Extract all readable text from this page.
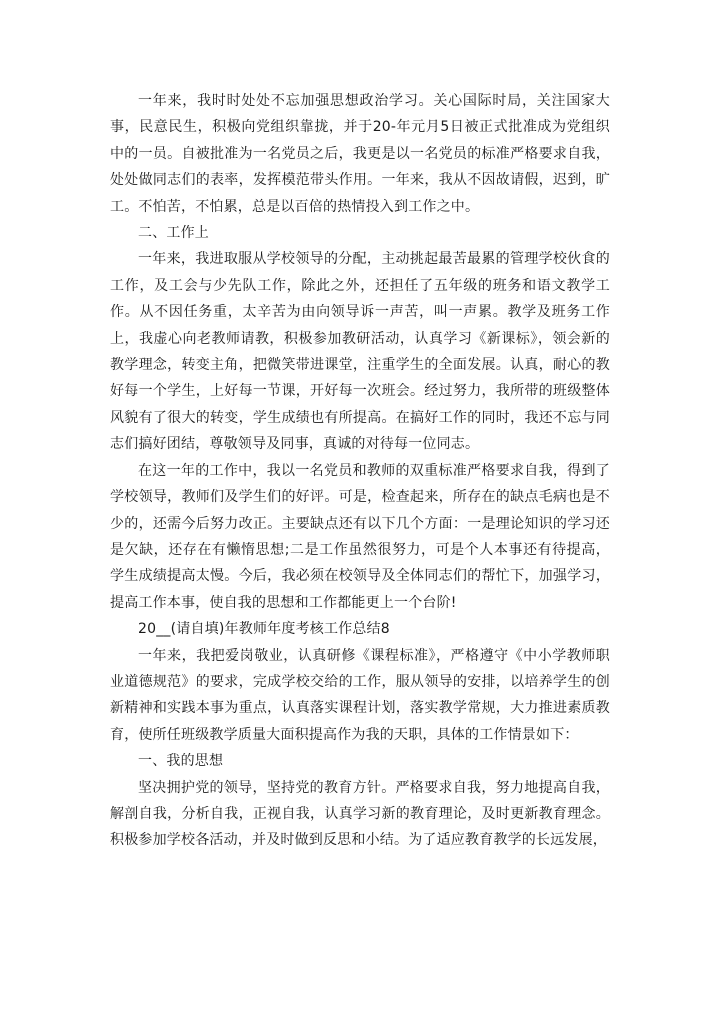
一年来，我时时处处不忘加强思想政治学习。关心国际时局，关注国家大事，民意民生，积极向党组织靠拢，并于20-年元月5日被正式批准成为党组织中的一员。自被批准为一名党员之后，我更是以一名党员的标准严格要求自我，处处做同志们的表率，发挥模范带头作用。一年来，我从不因故请假，迟到，旷工。不怕苦，不怕累，总是以百倍的热情投入到工作之中。

二、工作上

一年来，我进取服从学校领导的分配，主动挑起最苦最累的管理学校伙食的工作，及工会与少先队工作，除此之外，还担任了五年级的班务和语文教学工作。从不因任务重，太辛苦为由向领导诉一声苦，叫一声累。教学及班务工作上，我虚心向老教师请教，积极参加教研活动，认真学习《新课标》，领会新的教学理念，转变主角，把微笑带进课堂，注重学生的全面发展。认真，耐心的教好每一个学生，上好每一节课，开好每一次班会。经过努力，我所带的班级整体风貌有了很大的转变，学生成绩也有所提高。在搞好工作的同时，我还不忘与同志们搞好团结，尊敬领导及同事，真诚的对待每一位同志。

在这一年的工作中，我以一名党员和教师的双重标准严格要求自我，得到了学校领导，教师们及学生们的好评。可是，检查起来，所存在的缺点毛病也是不少的，还需今后努力改正。主要缺点还有以下几个方面：一是理论知识的学习还是欠缺，还存在有懒惰思想;二是工作虽然很努力，可是个人本事还有待提高，学生成绩提高太慢。今后，我必须在校领导及全体同志们的帮忙下，加强学习，提高工作本事，使自我的思想和工作都能更上一个台阶!

20__(请自填)年教师年度考核工作总结8

一年来，我把爱岗敬业，认真研修《课程标准》，严格遵守《中小学教师职业道德规范》的要求，完成学校交给的工作，服从领导的安排，以培养学生的创新精神和实践本事为重点，认真落实课程计划，落实教学常规，大力推进素质教育，使所任班级教学质量大面积提高作为我的天职，具体的工作情景如下：

一、我的思想

坚决拥护党的领导，坚持党的教育方针。严格要求自我，努力地提高自我，解剖自我，分析自我，正视自我，认真学习新的教育理论，及时更新教育理念。积极参加学校各活动，并及时做到反思和小结。为了适应教育教学的长远发展，
